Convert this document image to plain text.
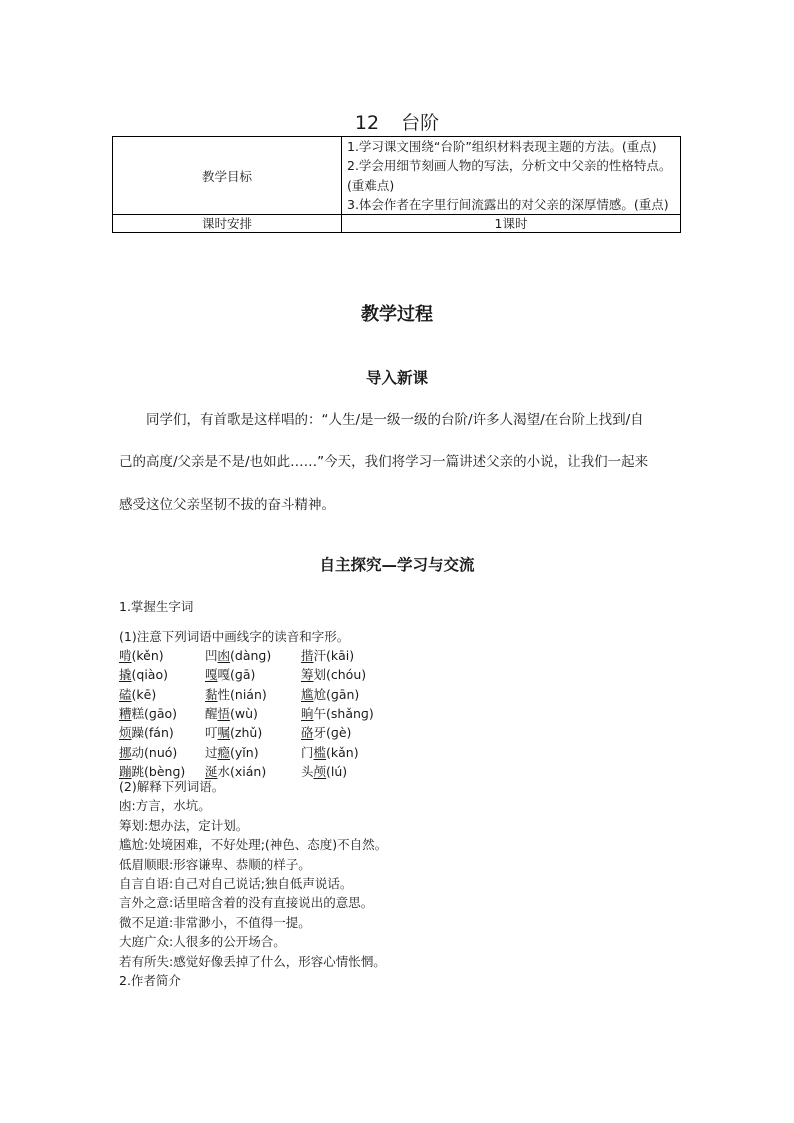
12 台阶
教学目标	1.学习课文围绕“台阶”组织材料表现主题的方法。(重点)
2.学会用细节刻画人物的写法，分析文中父亲的性格特点。(重难点)
3.体会作者在字里行间流露出的对父亲的深厚情感。(重点)

课时安排	1课时
教学过程
导入新课
同学们，有首歌是这样唱的：“人生/是一级一级的台阶/许多人渴望/在台阶上找到/自
己的高度/父亲是不是/也如此……”今天，我们将学习一篇讲述父亲的小说，让我们一起来
感受这位父亲坚韧不拔的奋斗精神。
自主探究—学习与交流
1.掌握生字词
(1)注意下列词语中画线字的读音和字形。
啃(kěn)	凹凼(dànɡ) 揩汗(kāi)
撬(qiào)	嘎嘎(ɡā)	筹划(chóu)
磕(kē)	黏性(nián)	尴尬(ɡān)
糟糕(ɡāo) 醒悟(wù)	晌午(shǎnɡ)
烦躁(fán) 叮嘱(zhǔ)	硌牙(ɡè)
挪动(nuó) 过瘾(yǐn)	门槛(kǎn)
蹦跳(bènɡ) 涎水(xián)	头颅(lú)
(2)解释下列词语。
凼:方言，水坑。
筹划:想办法，定计划。
尴尬:处境困难，不好处理;(神色、态度)不自然。
低眉顺眼:形容谦卑、恭顺的样子。
自言自语:自己对自己说话;独自低声说话。
言外之意:话里暗含着的没有直接说出的意思。
微不足道:非常渺小，不值得一提。
大庭广众:人很多的公开场合。
若有所失:感觉好像丢掉了什么，形容心情怅惘。
2.作者简介
